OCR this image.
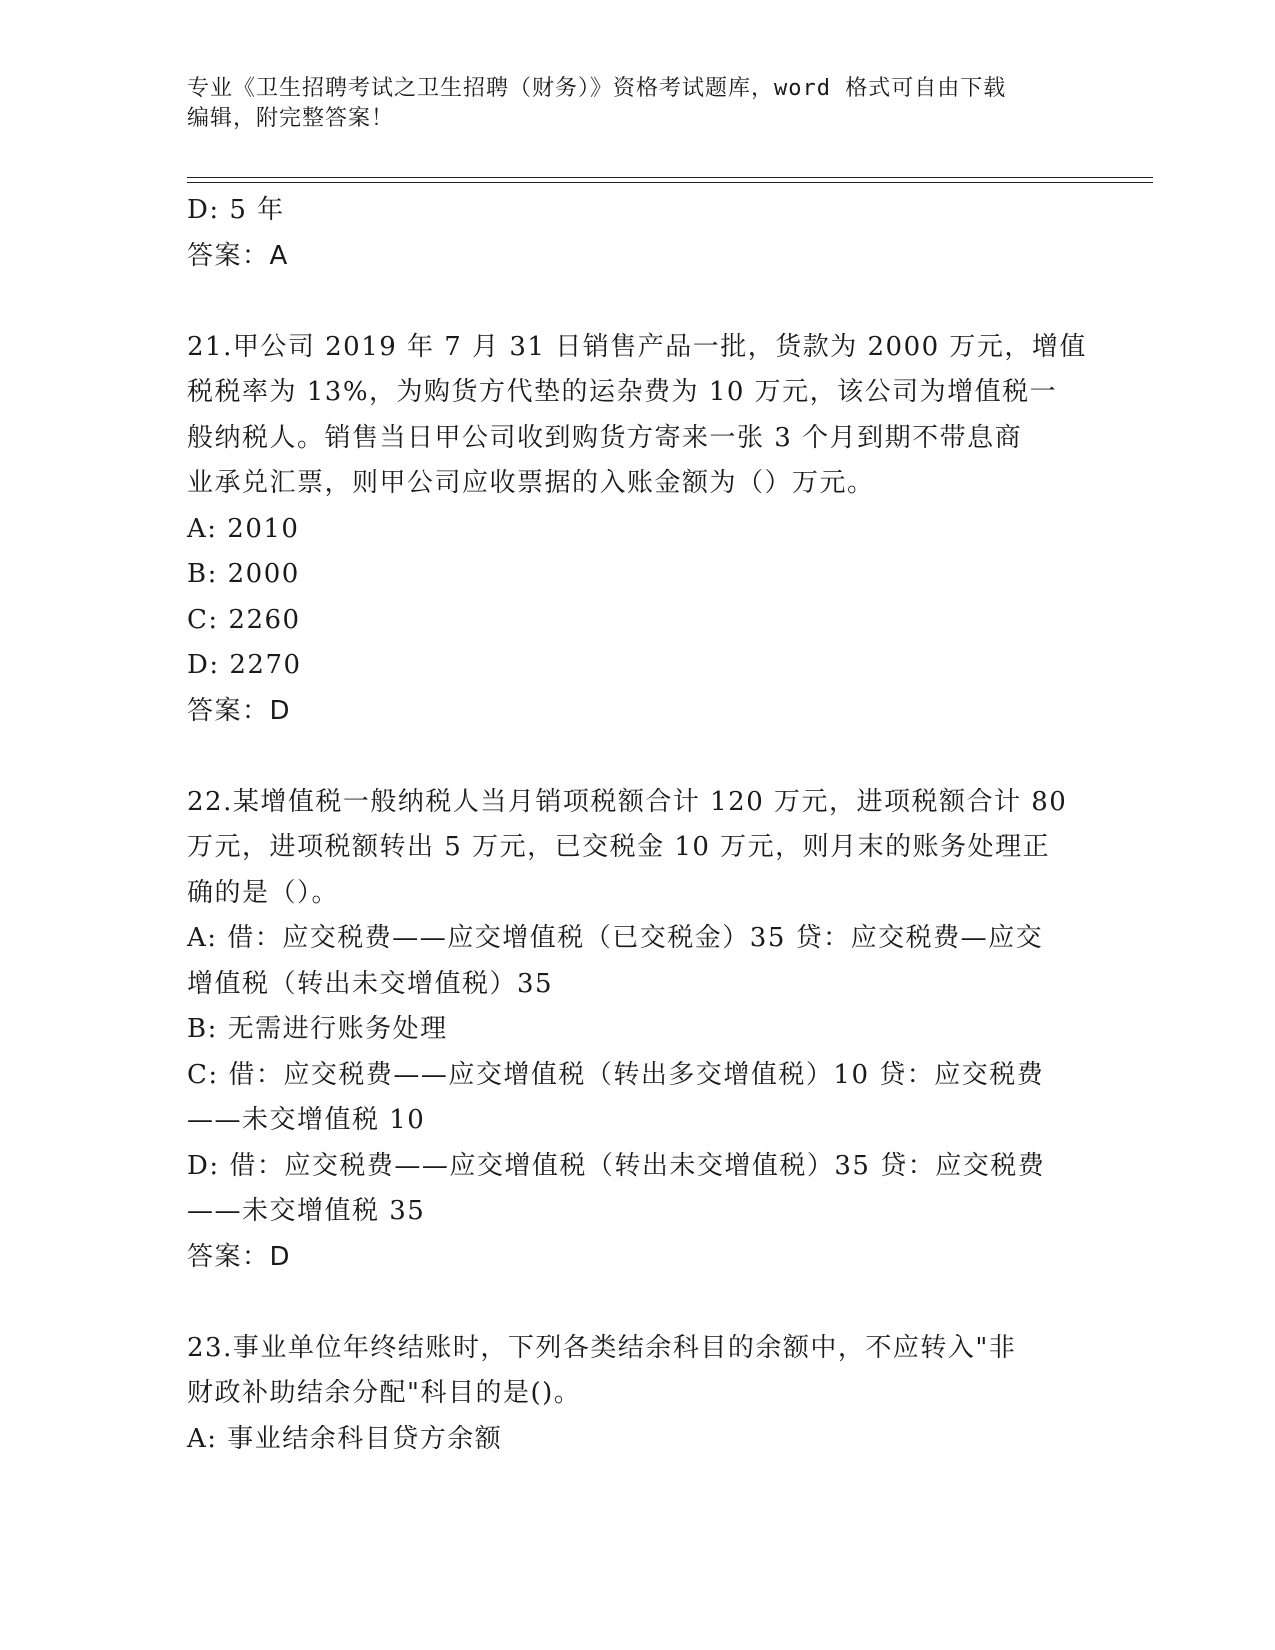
专业《卫生招聘考试之卫生招聘（财务）》资格考试题库，word 格式可自由下载
编辑，附完整答案！
D: 5 年
答案：A
21.甲公司 2019 年 7 月 31 日销售产品一批，货款为 2000 万元，增值
税税率为 13%，为购货方代垫的运杂费为 10 万元，该公司为增值税一
般纳税人。销售当日甲公司收到购货方寄来一张 3 个月到期不带息商
业承兑汇票，则甲公司应收票据的入账金额为（）万元。
A: 2010
B: 2000
C: 2260
D: 2270
答案：D
22.某增值税一般纳税人当月销项税额合计 120 万元，进项税额合计 80
万元，进项税额转出 5 万元，已交税金 10 万元，则月末的账务处理正
确的是（）。
A: 借：应交税费——应交增值税（已交税金）35 贷：应交税费—应交
增值税（转出未交增值税）35
B: 无需进行账务处理
C: 借：应交税费——应交增值税（转出多交增值税）10 贷：应交税费
——未交增值税 10
D: 借：应交税费——应交增值税（转出未交增值税）35 贷：应交税费
——未交增值税 35
答案：D
23.事业单位年终结账时，下列各类结余科目的余额中，不应转入"非
财政补助结余分配"科目的是()。
A: 事业结余科目贷方余额
